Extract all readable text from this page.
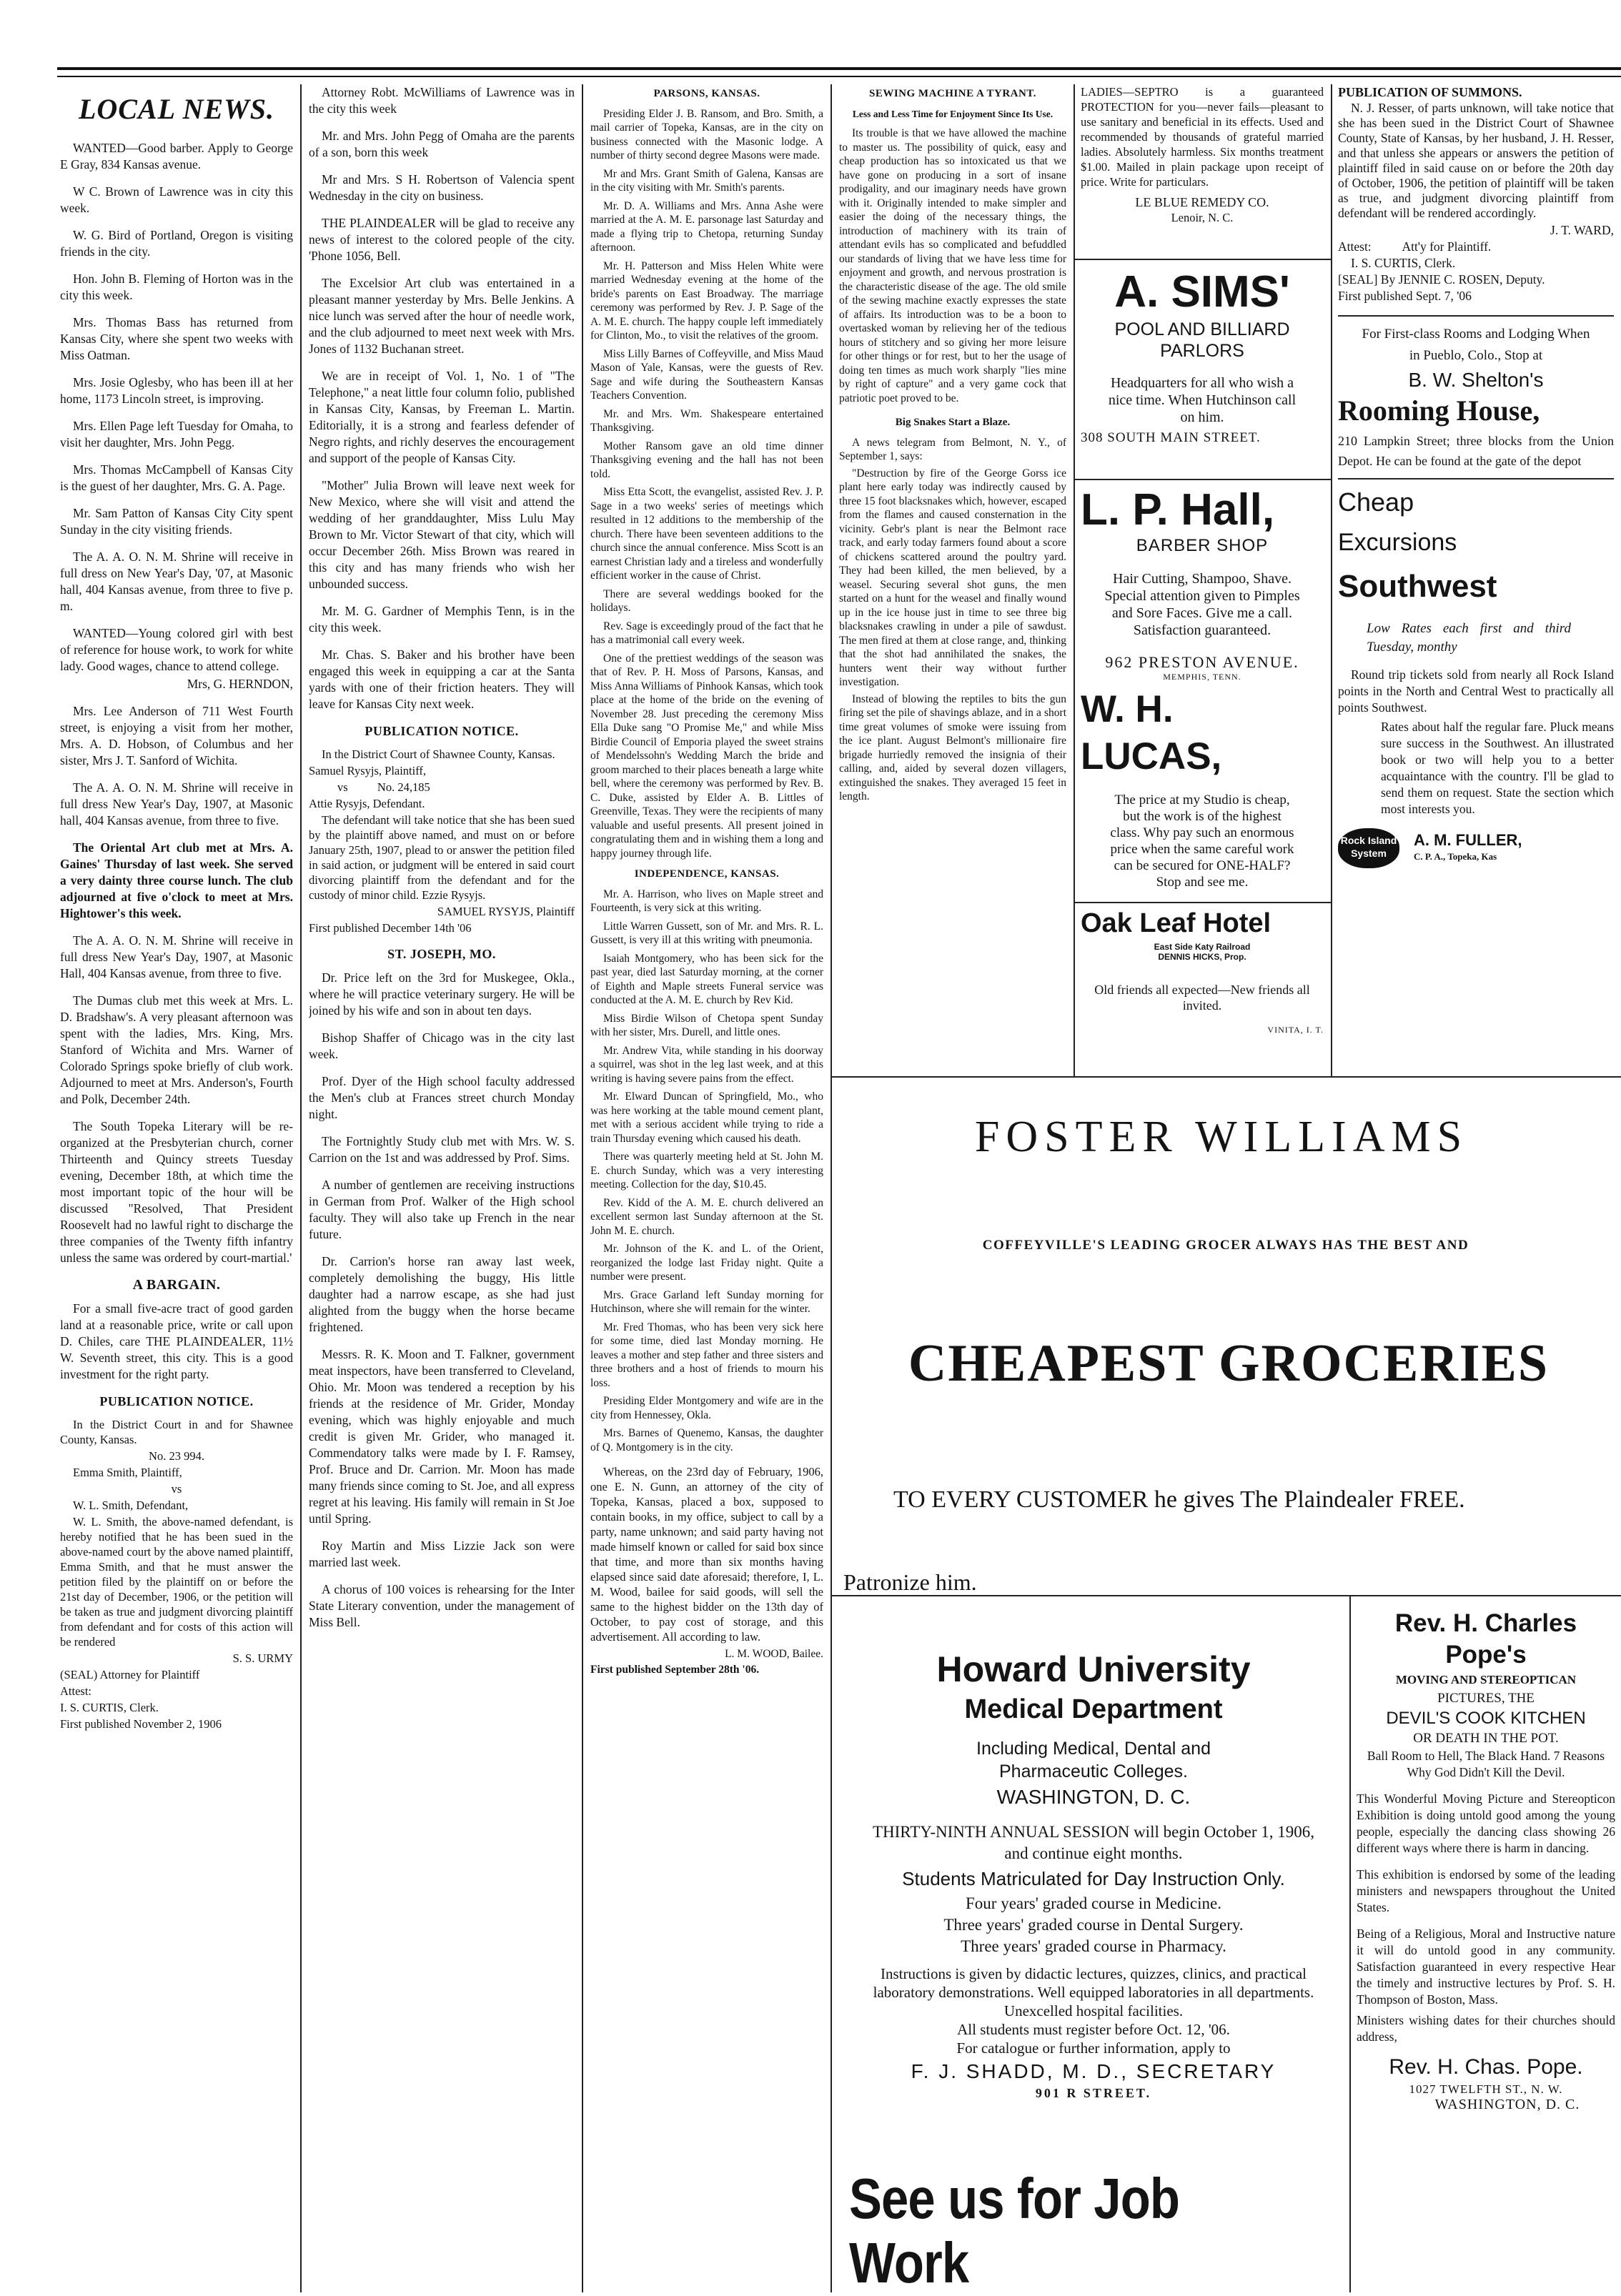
LOCAL NEWS.

WANTED—Good barber. Apply to George E Gray, 834 Kansas avenue.

W C. Brown of Lawrence was in city this week.

W. G. Bird of Portland, Oregon is visiting friends in the city.

Hon. John B. Fleming of Horton was in the city this week.

Mrs. Thomas Bass has returned from Kansas City, where she spent two weeks with Miss Oatman.

Mrs. Josie Oglesby, who has been ill at her home, 1173 Lincoln street, is improving.

Mrs. Ellen Page left Tuesday for Omaha, to visit her daughter, Mrs. John Pegg.

Mrs. Thomas McCampbell of Kansas City is the guest of her daughter, Mrs. G. A. Page.

Mr. Sam Patton of Kansas City City spent Sunday in the city visiting friends.

The A. A. O. N. M. Shrine will receive in full dress on New Year's Day, '07, at Masonic hall, 404 Kansas avenue, from three to five p. m.

WANTED—Young colored girl with best of reference for house work, to work for white lady. Good wages, chance to attend college.

Mrs, G. HERNDON,

Mrs. Lee Anderson of 711 West Fourth street, is enjoying a visit from her mother, Mrs. A. D. Hobson, of Columbus and her sister, Mrs J. T. Sanford of Wichita.

The A. A. O. N. M. Shrine will receive in full dress New Year's Day, 1907, at Masonic hall, 404 Kansas avenue, from three to five.

The Oriental Art club met at Mrs. A. Gaines' Thursday of last week. She served a very dainty three course lunch. The club adjourned at five o'clock to meet at Mrs. Hightower's this week.

The A. A. O. N. M. Shrine will receive in full dress New Year's Day, 1907, at Masonic Hall, 404 Kansas avenue, from three to five.

The Dumas club met this week at Mrs. L. D. Bradshaw's. A very pleasant afternoon was spent with the ladies, Mrs. King, Mrs. Stanford of Wichita and Mrs. Warner of Colorado Springs spoke briefly of club work. Adjourned to meet at Mrs. Anderson's, Fourth and Polk, December 24th.

The South Topeka Literary will be re-organized at the Presbyterian church, corner Thirteenth and Quincy streets Tuesday evening, December 18th, at which time the most important topic of the hour will be discussed "Resolved, That President Roosevelt had no lawful right to discharge the three companies of the Twenty fifth infantry unless the same was ordered by court-martial.'

A BARGAIN.

For a small five-acre tract of good garden land at a reasonable price, write or call upon D. Chiles, care THE PLAINDEALER, 11½ W. Seventh street, this city. This is a good investment for the right party.

PUBLICATION NOTICE.

In the District Court in and for Shawnee County, Kansas.

No. 23 994.

Emma Smith, Plaintiff,

vs

W. L. Smith, Defendant,

W. L. Smith, the above-named defendant, is hereby notified that he has been sued in the above-named court by the above named plaintiff, Emma Smith, and that he must answer the petition filed by the plaintiff on or before the 21st day of December, 1906, or the petition will be taken as true and judgment divorcing plaintiff from defendant and for costs of this action will be rendered

S. S. URMY

(SEAL) Attorney for Plaintiff

Attest:

I. S. CURTIS, Clerk.

First published November 2, 1906

Attorney Robt. McWilliams of Lawrence was in the city this week

Mr. and Mrs. John Pegg of Omaha are the parents of a son, born this week

Mr and Mrs. S H. Robertson of Valencia spent Wednesday in the city on business.

THE PLAINDEALER will be glad to receive any news of interest to the colored people of the city. 'Phone 1056, Bell.

The Excelsior Art club was entertained in a pleasant manner yesterday by Mrs. Belle Jenkins. A nice lunch was served after the hour of needle work, and the club adjourned to meet next week with Mrs. Jones of 1132 Buchanan street.

We are in receipt of Vol. 1, No. 1 of "The Telephone," a neat little four column folio, published in Kansas City, Kansas, by Freeman L. Martin. Editorially, it is a strong and fearless defender of Negro rights, and richly deserves the encouragement and support of the people of Kansas City.

"Mother" Julia Brown will leave next week for New Mexico, where she will visit and attend the wedding of her granddaughter, Miss Lulu May Brown to Mr. Victor Stewart of that city, which will occur December 26th. Miss Brown was reared in this city and has many friends who wish her unbounded success.

Mr. M. G. Gardner of Memphis Tenn, is in the city this week.

Mr. Chas. S. Baker and his brother have been engaged this week in equipping a car at the Santa yards with one of their friction heaters. They will leave for Kansas City next week.

PUBLICATION NOTICE.

In the District Court of Shawnee County, Kansas.

Samuel Rysyjs, Plaintiff,

vs          No. 24,185

Attie Rysyjs, Defendant.

The defendant will take notice that she has been sued by the plaintiff above named, and must on or before January 25th, 1907, plead to or answer the petition filed in said action, or judgment will be entered in said court divorcing plaintiff from the defendant and for the custody of minor child. Ezzie Rysyjs.

SAMUEL RYSYJS, Plaintiff

First published December 14th '06

ST. JOSEPH, MO.

Dr. Price left on the 3rd for Muskegee, Okla., where he will practice veterinary surgery. He will be joined by his wife and son in about ten days.

Bishop Shaffer of Chicago was in the city last week.

Prof. Dyer of the High school faculty addressed the Men's club at Frances street church Monday night.

The Fortnightly Study club met with Mrs. W. S. Carrion on the 1st and was addressed by Prof. Sims.

A number of gentlemen are receiving instructions in German from Prof. Walker of the High school faculty. They will also take up French in the near future.

Dr. Carrion's horse ran away last week, completely demolishing the buggy, His little daughter had a narrow escape, as she had just alighted from the buggy when the horse became frightened.

Messrs. R. K. Moon and T. Falkner, government meat inspectors, have been transferred to Cleveland, Ohio. Mr. Moon was tendered a reception by his friends at the residence of Mr. Grider, Monday evening, which was highly enjoyable and much credit is given Mr. Grider, who managed it. Commendatory talks were made by I. F. Ramsey, Prof. Bruce and Dr. Carrion. Mr. Moon has made many friends since coming to St. Joe, and all express regret at his leaving. His family will remain in St Joe until Spring.

Roy Martin and Miss Lizzie Jack son were married last week.

A chorus of 100 voices is rehearsing for the Inter State Literary convention, under the management of Miss Bell.

PARSONS, KANSAS.

Presiding Elder J. B. Ransom, and Bro. Smith, a mail carrier of Topeka, Kansas, are in the city on business connected with the Masonic lodge. A number of thirty second degree Masons were made.

Mr and Mrs. Grant Smith of Galena, Kansas are in the city visiting with Mr. Smith's parents.

Mr. D. A. Williams and Mrs. Anna Ashe were married at the A. M. E. parsonage last Saturday and made a flying trip to Chetopa, returning Sunday afternoon.

Mr. H. Patterson and Miss Helen White were married Wednesday evening at the home of the bride's parents on East Broadway. The marriage ceremony was performed by Rev. J. P. Sage of the A. M. E. church. The happy couple left immediately for Clinton, Mo., to visit the relatives of the groom.

Miss Lilly Barnes of Coffeyville, and Miss Maud Mason of Yale, Kansas, were the guests of Rev. Sage and wife during the Southeastern Kansas Teachers Convention.

Mr. and Mrs. Wm. Shakespeare entertained Thanksgiving.

Mother Ransom gave an old time dinner Thanksgiving evening and the hall has not been told.

Miss Etta Scott, the evangelist, assisted Rev. J. P. Sage in a two weeks' series of meetings which resulted in 12 additions to the membership of the church. There have been seventeen additions to the church since the annual conference. Miss Scott is an earnest Christian lady and a tireless and wonderfully efficient worker in the cause of Christ.

There are several weddings booked for the holidays.

Rev. Sage is exceedingly proud of the fact that he has a matrimonial call every week.

One of the prettiest weddings of the season was that of Rev. P. H. Moss of Parsons, Kansas, and Miss Anna Williams of Pinhook Kansas, which took place at the home of the bride on the evening of November 28. Just preceding the ceremony Miss Ella Duke sang "O Promise Me," and while Miss Birdie Council of Emporia played the sweet strains of Mendelssohn's Wedding March the bride and groom marched to their places beneath a large white bell, where the ceremony was performed by Rev. B. C. Duke, assisted by Elder A. B. Littles of Greenville, Texas. They were the recipients of many valuable and useful presents. All present joined in congratulating them and in wishing them a long and happy journey through life.

INDEPENDENCE, KANSAS.

Mr. A. Harrison, who lives on Maple street and Fourteenth, is very sick at this writing.

Little Warren Gussett, son of Mr. and Mrs. R. L. Gussett, is very ill at this writing with pneumonia.

Isaiah Montgomery, who has been sick for the past year, died last Saturday morning, at the corner of Eighth and Maple streets Funeral service was conducted at the A. M. E. church by Rev Kid.

Miss Birdie Wilson of Chetopa spent Sunday with her sister, Mrs. Durell, and little ones.

Mr. Andrew Vita, while standing in his doorway a squirrel, was shot in the leg last week, and at this writing is having severe pains from the effect.

Mr. Elward Duncan of Springfield, Mo., who was here working at the table mound cement plant, met with a serious accident while trying to ride a train Thursday evening which caused his death.

There was quarterly meeting held at St. John M. E. church Sunday, which was a very interesting meeting. Collection for the day, $10.45.

Rev. Kidd of the A. M. E. church delivered an excellent sermon last Sunday afternoon at the St. John M. E. church.

Mr. Johnson of the K. and L. of the Orient, reorganized the lodge last Friday night. Quite a number were present.

Mrs. Grace Garland left Sunday morning for Hutchinson, where she will remain for the winter.

Mr. Fred Thomas, who has been very sick here for some time, died last Monday morning. He leaves a mother and step father and three sisters and three brothers and a host of friends to mourn his loss.

Presiding Elder Montgomery and wife are in the city from Hennessey, Okla.

Mrs. Barnes of Quenemo, Kansas, the daughter of Q. Montgomery is in the city.

Whereas, on the 23rd day of February, 1906, one E. N. Gunn, an attorney of the city of Topeka, Kansas, placed a box, supposed to contain books, in my office, subject to call by a party, name unknown; and said party having not made himself known or called for said box since that time, and more than six months having elapsed since said date aforesaid; therefore, I, L. M. Wood, bailee for said goods, will sell the same to the highest bidder on the 13th day of October, to pay cost of storage, and this advertisement. All according to law.

L. M. WOOD, Bailee.

First published September 28th '06.

SEWING MACHINE A TYRANT.
Less and Less Time for Enjoyment Since Its Use.

Its trouble is that we have allowed the machine to master us. The possibility of quick, easy and cheap production has so intoxicated us that we have gone on producing in a sort of insane prodigality, and our imaginary needs have grown with it. Originally intended to make simpler and easier the doing of the necessary things, the introduction of machinery with its train of attendant evils has so complicated and befuddled our standards of living that we have less time for enjoyment and growth, and nervous prostration is the characteristic disease of the age. The old smile of the sewing machine exactly expresses the state of affairs. Its introduction was to be a boon to overtasked woman by relieving her of the tedious hours of stitchery and so giving her more leisure for other things or for rest, but to her the usage of doing ten times as much work sharply "lies mine by right of capture" and a very game cock that patriotic poet proved to be.

Big Snakes Start a Blaze.

A news telegram from Belmont, N. Y., of September 1, says:

"Destruction by fire of the George Gorss ice plant here early today was indirectly caused by three 15 foot blacksnakes which, however, escaped from the flames and caused consternation in the vicinity. Gebr's plant is near the Belmont race track, and early today farmers found about a score of chickens scattered around the poultry yard. They had been killed, the men believed, by a weasel. Securing several shot guns, the men started on a hunt for the weasel and finally wound up in the ice house just in time to see three big blacksnakes crawling in under a pile of sawdust. The men fired at them at close range, and, thinking that the shot had annihilated the snakes, the hunters went their way without further investigation.

Instead of blowing the reptiles to bits the gun firing set the pile of shavings ablaze, and in a short time great volumes of smoke were issuing from the ice plant. August Belmont's millionaire fire brigade hurriedly removed the insignia of their calling, and, aided by several dozen villagers, extinguished the snakes. They averaged 15 feet in length.

LADIES—SEPTRO is a guaranteed PROTECTION for you—never fails—pleasant to use sanitary and beneficial in its effects. Used and recommended by thousands of grateful married ladies. Absolutely harmless. Six months treatment $1.00. Mailed in plain package upon receipt of price. Write for particulars.
LE BLUE REMEDY CO.
Lenoir, N. C.
A. SIMS'
POOL AND BILLIARD
PARLORS
Headquarters for all who wish a nice time. When Hutchinson call on him.
308 SOUTH MAIN STREET.
L. P. Hall,
BARBER SHOP
Hair Cutting, Shampoo, Shave. Special attention given to Pimples and Sore Faces. Give me a call. Satisfaction guaranteed.
962 PRESTON AVENUE.
MEMPHIS, TENN.
W. H. LUCAS,
The price at my Studio is cheap, but the work is of the highest class. Why pay such an enormous price when the same careful work can be secured for ONE-HALF? Stop and see me.
Oak Leaf Hotel
East Side Katy Railroad
DENNIS HICKS, Prop.
Old friends all expected—New friends all invited.
VINITA, I. T.
PUBLICATION OF SUMMONS.

N. J. Resser, of parts unknown, will take notice that she has been sued in the District Court of Shawnee County, State of Kansas, by her husband, J. H. Resser, and that unless she appears or answers the petition of plaintiff filed in said cause on or before the 20th day of October, 1906, the petition of plaintiff will be taken as true, and judgment divorcing plaintiff from defendant will be rendered accordingly.

J. T. WARD,

Attest:          Att'y for Plaintiff.

I. S. CURTIS, Clerk.

[SEAL] By JENNIE C. ROSEN, Deputy.

First published Sept. 7, '06

For First-class Rooms and Lodging When in Pueblo, Colo., Stop at
B. W. Shelton's
Rooming House,
210 Lampkin Street; three blocks from the Union Depot. He can be found at the gate of the depot
Cheap
Excursions
Southwest
Low Rates each first and third Tuesday, monthy

Round trip tickets sold from nearly all Rock Island points in the North and Central West to practically all points Southwest.

Rates about half the regular fare. Pluck means sure success in the Southwest. An illustrated book or two will help you to a better acquaintance with the country. I'll be glad to send them on request. State the section which most interests you.

Rock Island System
A. M. FULLER,
C. P. A., Topeka, Kas
FOSTER WILLIAMS
COFFEYVILLE'S LEADING GROCER ALWAYS HAS THE BEST AND
CHEAPEST GROCERIES
TO EVERY CUSTOMER he gives The Plaindealer FREE.
Patronize him.
Howard University
Medical Department
Including Medical, Dental and Pharmaceutic Colleges.
WASHINGTON, D. C.
THIRTY-NINTH ANNUAL SESSION will begin October 1, 1906, and continue eight months.
Students Matriculated for Day Instruction Only.
Four years' graded course in Medicine.
Three years' graded course in Dental Surgery.
Three years' graded course in Pharmacy.
Instructions is given by didactic lectures, quizzes, clinics, and practical laboratory demonstrations. Well equipped laboratories in all departments. Unexcelled hospital facilities.
All students must register before Oct. 12, '06.
For catalogue or further information, apply to
F. J. SHADD, M. D., SECRETARY
901 R STREET.
See us for Job Work
Rev. H. Charles
Pope's
MOVING AND STEREOPTICAN
PICTURES, THE
DEVIL'S COOK KITCHEN
OR DEATH IN THE POT.
Ball Room to Hell, The Black Hand. 7 Reasons Why God Didn't Kill the Devil.
This Wonderful Moving Picture and Stereopticon Exhibition is doing untold good among the young people, especially the dancing class showing 26 different ways where there is harm in dancing.
This exhibition is endorsed by some of the leading ministers and newspapers throughout the United States.
Being of a Religious, Moral and Instructive nature it will do untold good in any community. Satisfaction guaranteed in every respective Hear the timely and instructive lectures by Prof. S. H. Thompson of Boston, Mass.
Ministers wishing dates for their churches should address,
Rev. H. Chas. Pope.
1027 TWELFTH ST., N. W.
WASHINGTON, D. C.
